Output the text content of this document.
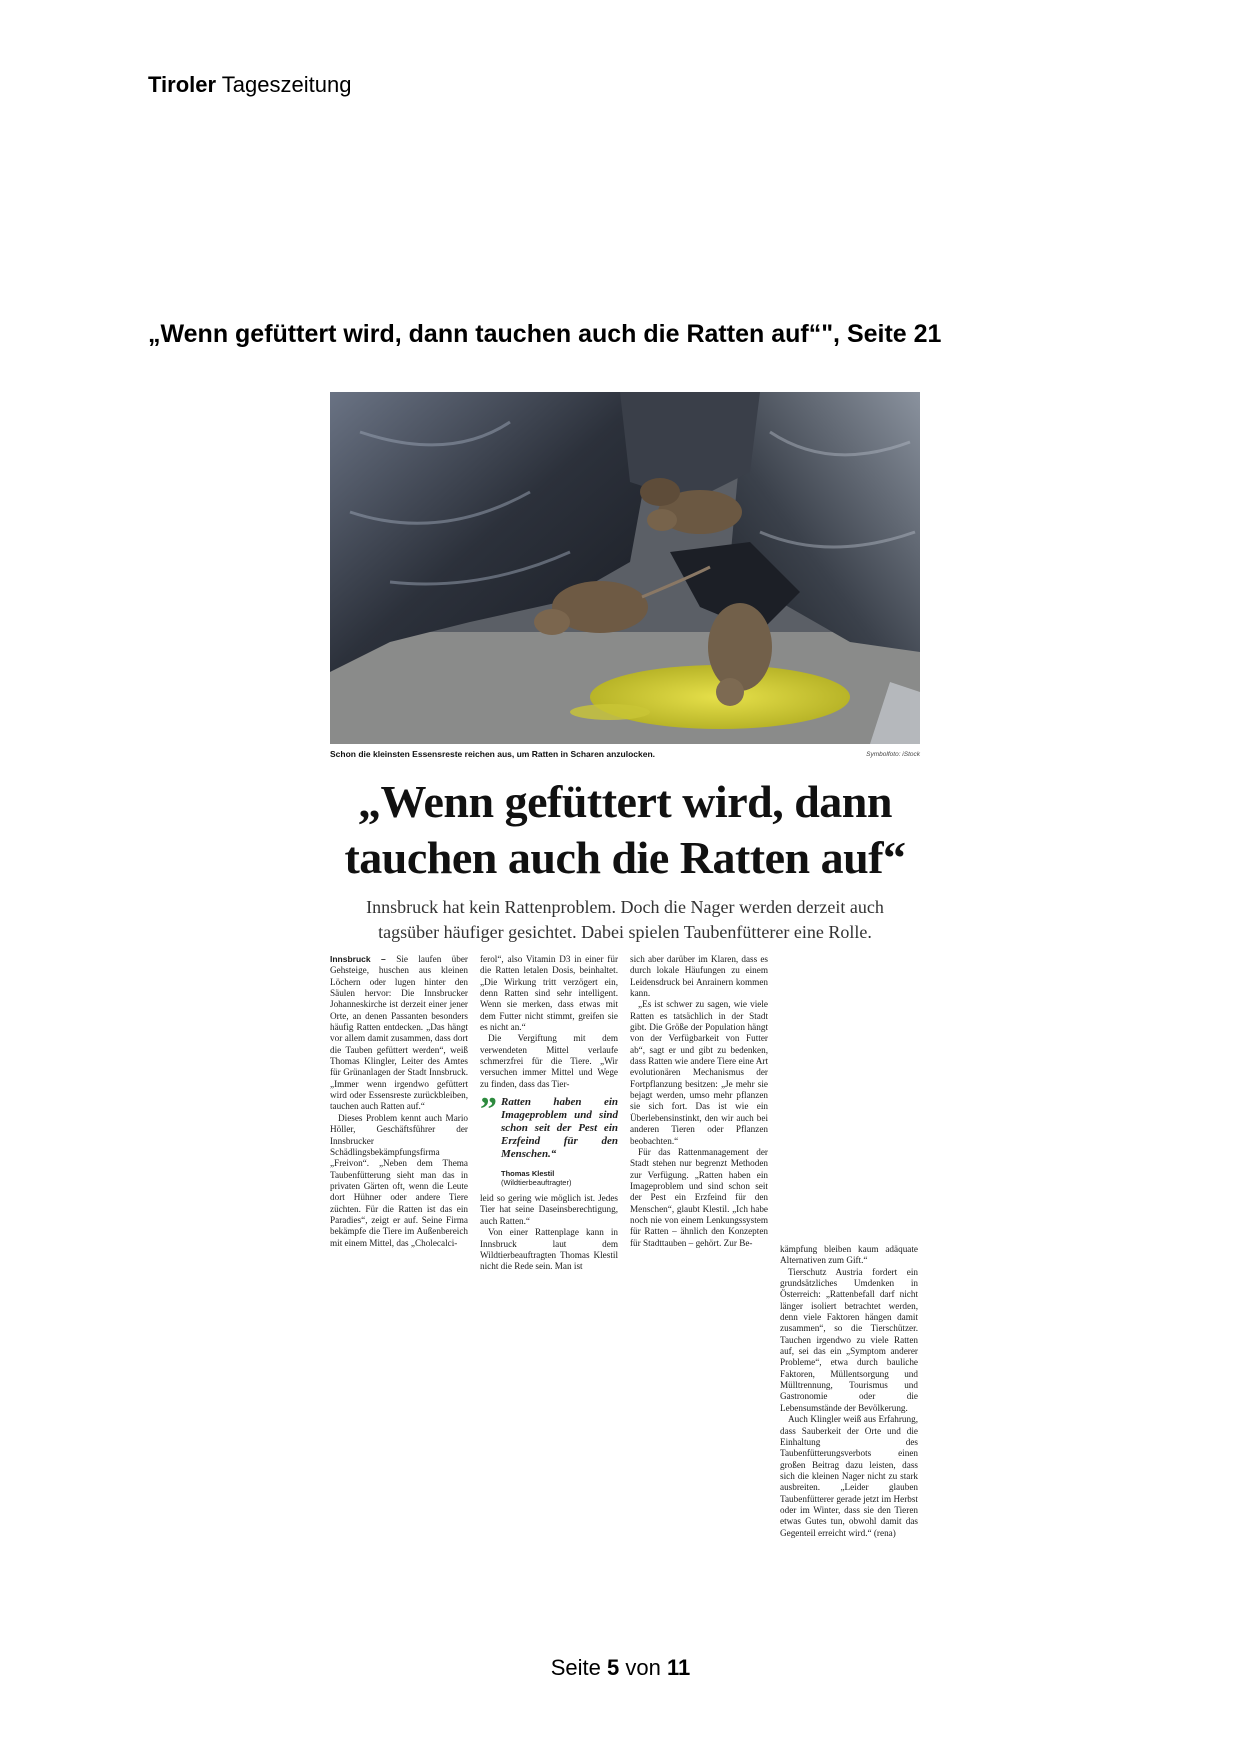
Tiroler Tageszeitung
„Wenn gefüttert wird, dann tauchen auch die Ratten auf“", Seite 21
Schon die kleinsten Essensreste reichen aus, um Ratten in Scharen anzulocken.	Symbolfoto: iStock
„Wenn gefüttert wird, dann
tauchen auch die Ratten auf“
Innsbruck hat kein Rattenproblem. Doch die Nager werden derzeit auch
tagsüber häufiger gesichtet. Dabei spielen Taubenfütterer eine Rolle.

Innsbruck – Sie laufen über Gehsteige, huschen aus kleinen Löchern oder lugen hinter den Säulen hervor: Die Innsbrucker Johanneskirche ist derzeit einer jener Orte, an denen Passanten besonders häufig Ratten entdecken. „Das hängt vor allem damit zusammen, dass dort die Tauben gefüttert werden“, weiß Thomas Klingler, Leiter des Amtes für Grünanlagen der Stadt Innsbruck. „Immer wenn irgendwo gefüttert wird oder Essensreste zurückbleiben, tauchen auch Ratten auf.“

Dieses Problem kennt auch Mario Höller, Geschäftsführer der Innsbrucker Schädlingsbekämpfungsfirma „Freivon“. „Neben dem Thema Taubenfütterung sieht man das in privaten Gärten oft, wenn die Leute dort Hühner oder andere Tiere züchten. Für die Ratten ist das ein Paradies“, zeigt er auf. Seine Firma bekämpfe die Tiere im Außenbereich mit einem Mittel, das „Cholecalci-

ferol“, also Vitamin D3 in einer für die Ratten letalen Dosis, beinhaltet. „Die Wirkung tritt verzögert ein, denn Ratten sind sehr intelligent. Wenn sie merken, dass etwas mit dem Futter nicht stimmt, greifen sie es nicht an.“

Die Vergiftung mit dem verwendeten Mittel verlaufe schmerzfrei für die Tiere. „Wir versuchen immer Mittel und Wege zu finden, dass das Tier-

” Ratten haben ein Imageproblem und sind schon seit der Pest ein Erzfeind für den Menschen.“
Thomas Klestil
(Wildtierbeauftragter)

leid so gering wie möglich ist. Jedes Tier hat seine Daseinsberechtigung, auch Ratten.“

Von einer Rattenplage kann in Innsbruck laut dem Wildtierbeauftragten Thomas Klestil nicht die Rede sein. Man ist

sich aber darüber im Klaren, dass es durch lokale Häufungen zu einem Leidensdruck bei Anrainern kommen kann.

„Es ist schwer zu sagen, wie viele Ratten es tatsächlich in der Stadt gibt. Die Größe der Population hängt von der Verfügbarkeit von Futter ab“, sagt er und gibt zu bedenken, dass Ratten wie andere Tiere eine Art evolutionären Mechanismus der Fortpflanzung besitzen: „Je mehr sie bejagt werden, umso mehr pflanzen sie sich fort. Das ist wie ein Überlebensinstinkt, den wir auch bei anderen Tieren oder Pflanzen beobachten.“

Für das Rattenmanagement der Stadt stehen nur begrenzt Methoden zur Verfügung. „Ratten haben ein Imageproblem und sind schon seit der Pest ein Erzfeind für den Menschen“, glaubt Klestil. „Ich habe noch nie von einem Lenkungssystem für Ratten – ähnlich den Konzepten für Stadttauben – gehört. Zur Be-

kämpfung bleiben kaum adäquate Alternativen zum Gift.“

Tierschutz Austria fordert ein grundsätzliches Umdenken in Österreich: „Rattenbefall darf nicht länger isoliert betrachtet werden, denn viele Faktoren hängen damit zusammen“, so die Tierschützer. Tauchen irgendwo zu viele Ratten auf, sei das ein „Symptom anderer Probleme“, etwa durch bauliche Faktoren, Müllentsorgung und Mülltrennung, Tourismus und Gastronomie oder die Lebensumstände der Bevölkerung.

Auch Klingler weiß aus Erfahrung, dass Sauberkeit der Orte und die Einhaltung des Taubenfütterungsverbots einen großen Beitrag dazu leisten, dass sich die kleinen Nager nicht zu stark ausbreiten. „Leider glauben Taubenfütterer gerade jetzt im Herbst oder im Winter, dass sie den Tieren etwas Gutes tun, obwohl damit das Gegenteil erreicht wird.“ (rena)

Seite 5 von 11
